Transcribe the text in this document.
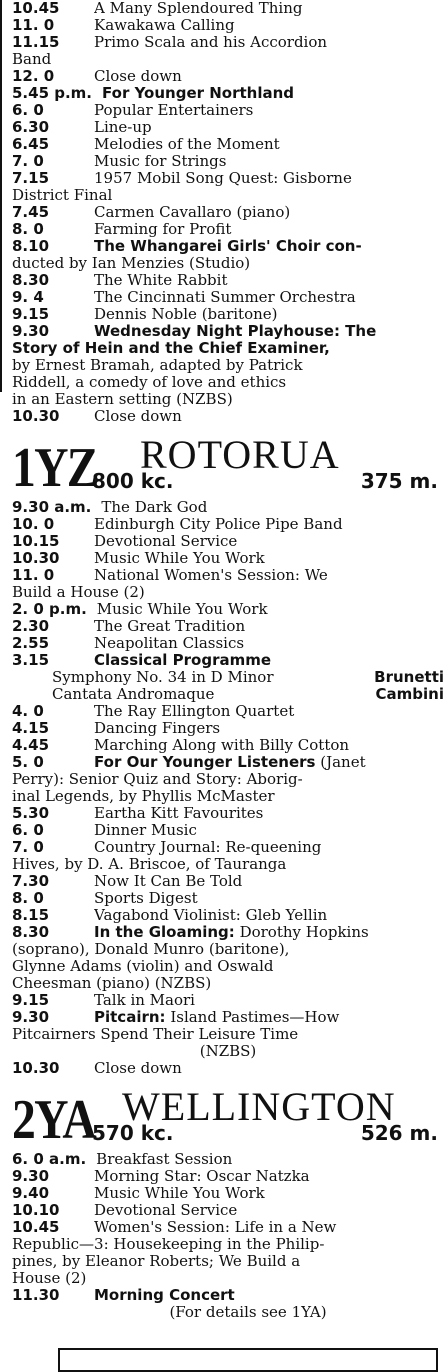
10.45	A Many Splendoured Thing
11. 0	Kawakawa Calling
11.15	Primo Scala and his Accordion
Band
12. 0	Close down
5.45 p.m. For Younger Northland
6. 0	Popular Entertainers
6.30	Line-up
6.45	Melodies of the Moment
7. 0	Music for Strings
7.15	1957 Mobil Song Quest: Gisborne
District Final
7.45	Carmen Cavallaro (piano)
8. 0	Farming for Profit
8.10	The Whangarei Girls' Choir con-
ducted by Ian Menzies (Studio)
8.30	The White Rabbit
9. 4	The Cincinnati Summer Orchestra
9.15	Dennis Noble (baritone)
9.30	Wednesday Night Playhouse: The
Story of Hein and the Chief Examiner,
by Ernest Bramah, adapted by Patrick
Riddell, a comedy of love and ethics
in an Eastern setting (NZBS)
10.30	Close down
1YZ
800 kc.
ROTORUA
375 m.
9.30 a.m. The Dark God
10. 0	Edinburgh City Police Pipe Band
10.15	Devotional Service
10.30	Music While You Work
11. 0	National Women's Session: We
Build a House (2)
2. 0 p.m. Music While You Work
2.30	The Great Tradition
2.55	Neapolitan Classics
3.15	Classical Programme
Symphony No. 34 in D Minor	Brunetti
Cantata Andromaque	Cambini
4. 0	The Ray Ellington Quartet
4.15	Dancing Fingers
4.45	Marching Along with Billy Cotton
5. 0	For Our Younger Listeners (Janet
Perry): Senior Quiz and Story: Aborig-
inal Legends, by Phyllis McMaster
5.30	Eartha Kitt Favourites
6. 0	Dinner Music
7. 0	Country Journal: Re-queening
Hives, by D. A. Briscoe, of Tauranga
7.30	Now It Can Be Told
8. 0	Sports Digest
8.15	Vagabond Violinist: Gleb Yellin
8.30	In the Gloaming: Dorothy Hopkins
(soprano), Donald Munro (baritone),
Glynne Adams (violin) and Oswald
Cheesman (piano) (NZBS)
9.15	Talk in Maori
9.30	Pitcairn: Island Pastimes—How
Pitcairners Spend Their Leisure Time
(NZBS)
10.30	Close down
2YA
570 kc.
WELLINGTON
526 m.
6. 0 a.m. Breakfast Session
9.30	Morning Star: Oscar Natzka
9.40	Music While You Work
10.10	Devotional Service
10.45	Women's Session: Life in a New
Republic—3: Housekeeping in the Philip-
pines, by Eleanor Roberts; We Build a
House (2)
11.30	Morning Concert
(For details see 1YA)
